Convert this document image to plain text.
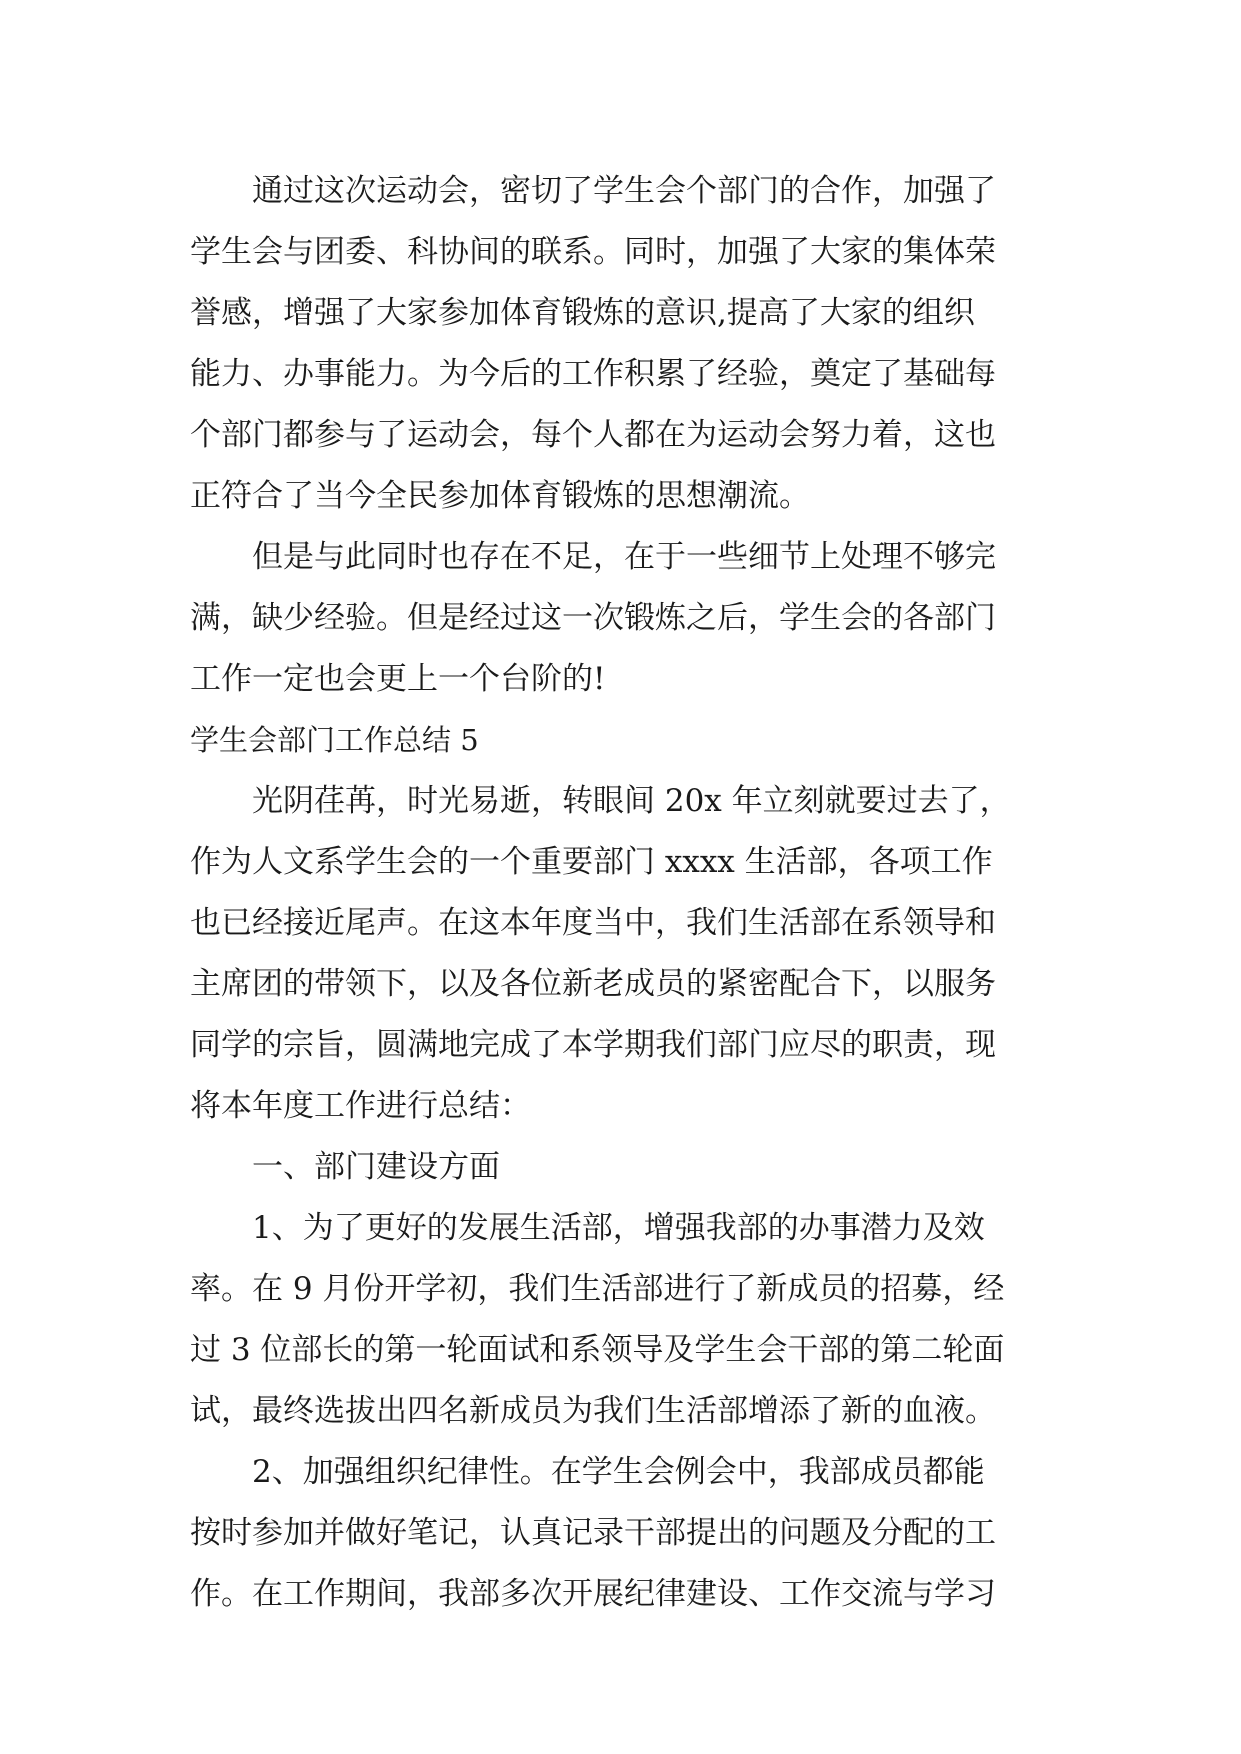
通过这次运动会，密切了学生会个部门的合作，加强了
学生会与团委、科协间的联系。同时，加强了大家的集体荣
誉感，增强了大家参加体育锻炼的意识,提高了大家的组织
能力、办事能力。为今后的工作积累了经验，奠定了基础每
个部门都参与了运动会，每个人都在为运动会努力着，这也
正符合了当今全民参加体育锻炼的思想潮流。
但是与此同时也存在不足，在于一些细节上处理不够完
满，缺少经验。但是经过这一次锻炼之后，学生会的各部门
工作一定也会更上一个台阶的!
学生会部门工作总结 5
光阴荏苒，时光易逝，转眼间 20x 年立刻就要过去了，
作为人文系学生会的一个重要部门 xxxx 生活部，各项工作
也已经接近尾声。在这本年度当中，我们生活部在系领导和
主席团的带领下，以及各位新老成员的紧密配合下，以服务
同学的宗旨，圆满地完成了本学期我们部门应尽的职责，现
将本年度工作进行总结：
一、部门建设方面
1、为了更好的发展生活部，增强我部的办事潜力及效
率。在 9 月份开学初，我们生活部进行了新成员的招募，经
过 3 位部长的第一轮面试和系领导及学生会干部的第二轮面
试，最终选拔出四名新成员为我们生活部增添了新的血液。
2、加强组织纪律性。在学生会例会中，我部成员都能
按时参加并做好笔记，认真记录干部提出的问题及分配的工
作。在工作期间，我部多次开展纪律建设、工作交流与学习
